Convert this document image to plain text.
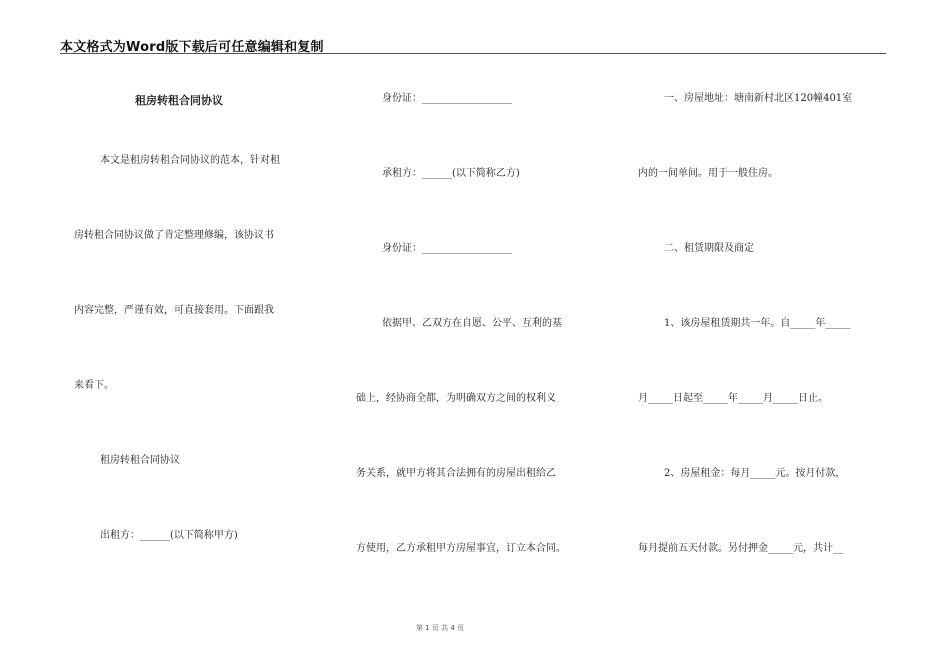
本文格式为Word版下载后可任意编辑和复制
租房转租合同协议
本文是租房转租合同协议的范本，针对租
房转租合同协议做了肯定整理修编，该协议书
内容完整，严谨有效，可直接套用。下面跟我
来看下。
租房转租合同协议
出租方：______(以下简称甲方)
身份证：__________________
承租方：______(以下简称乙方)
身份证：__________________
依据甲、乙双方在自愿、公平、互利的基
础上，经协商全都，为明确双方之间的权利义
务关系，就甲方将其合法拥有的房屋出租给乙
方使用，乙方承租甲方房屋事宜，订立本合同。
一、房屋地址：塘南新村北区120幢401室
内的一间单间。用于一般住房。
二、租赁期限及商定
1、该房屋租赁期共一年。自_____年_____
月_____日起至_____年_____月_____日止。
2、房屋租金：每月_____元。按月付款，
每月提前五天付款。另付押金_____元，共计__
第 1 页 共 4 页
